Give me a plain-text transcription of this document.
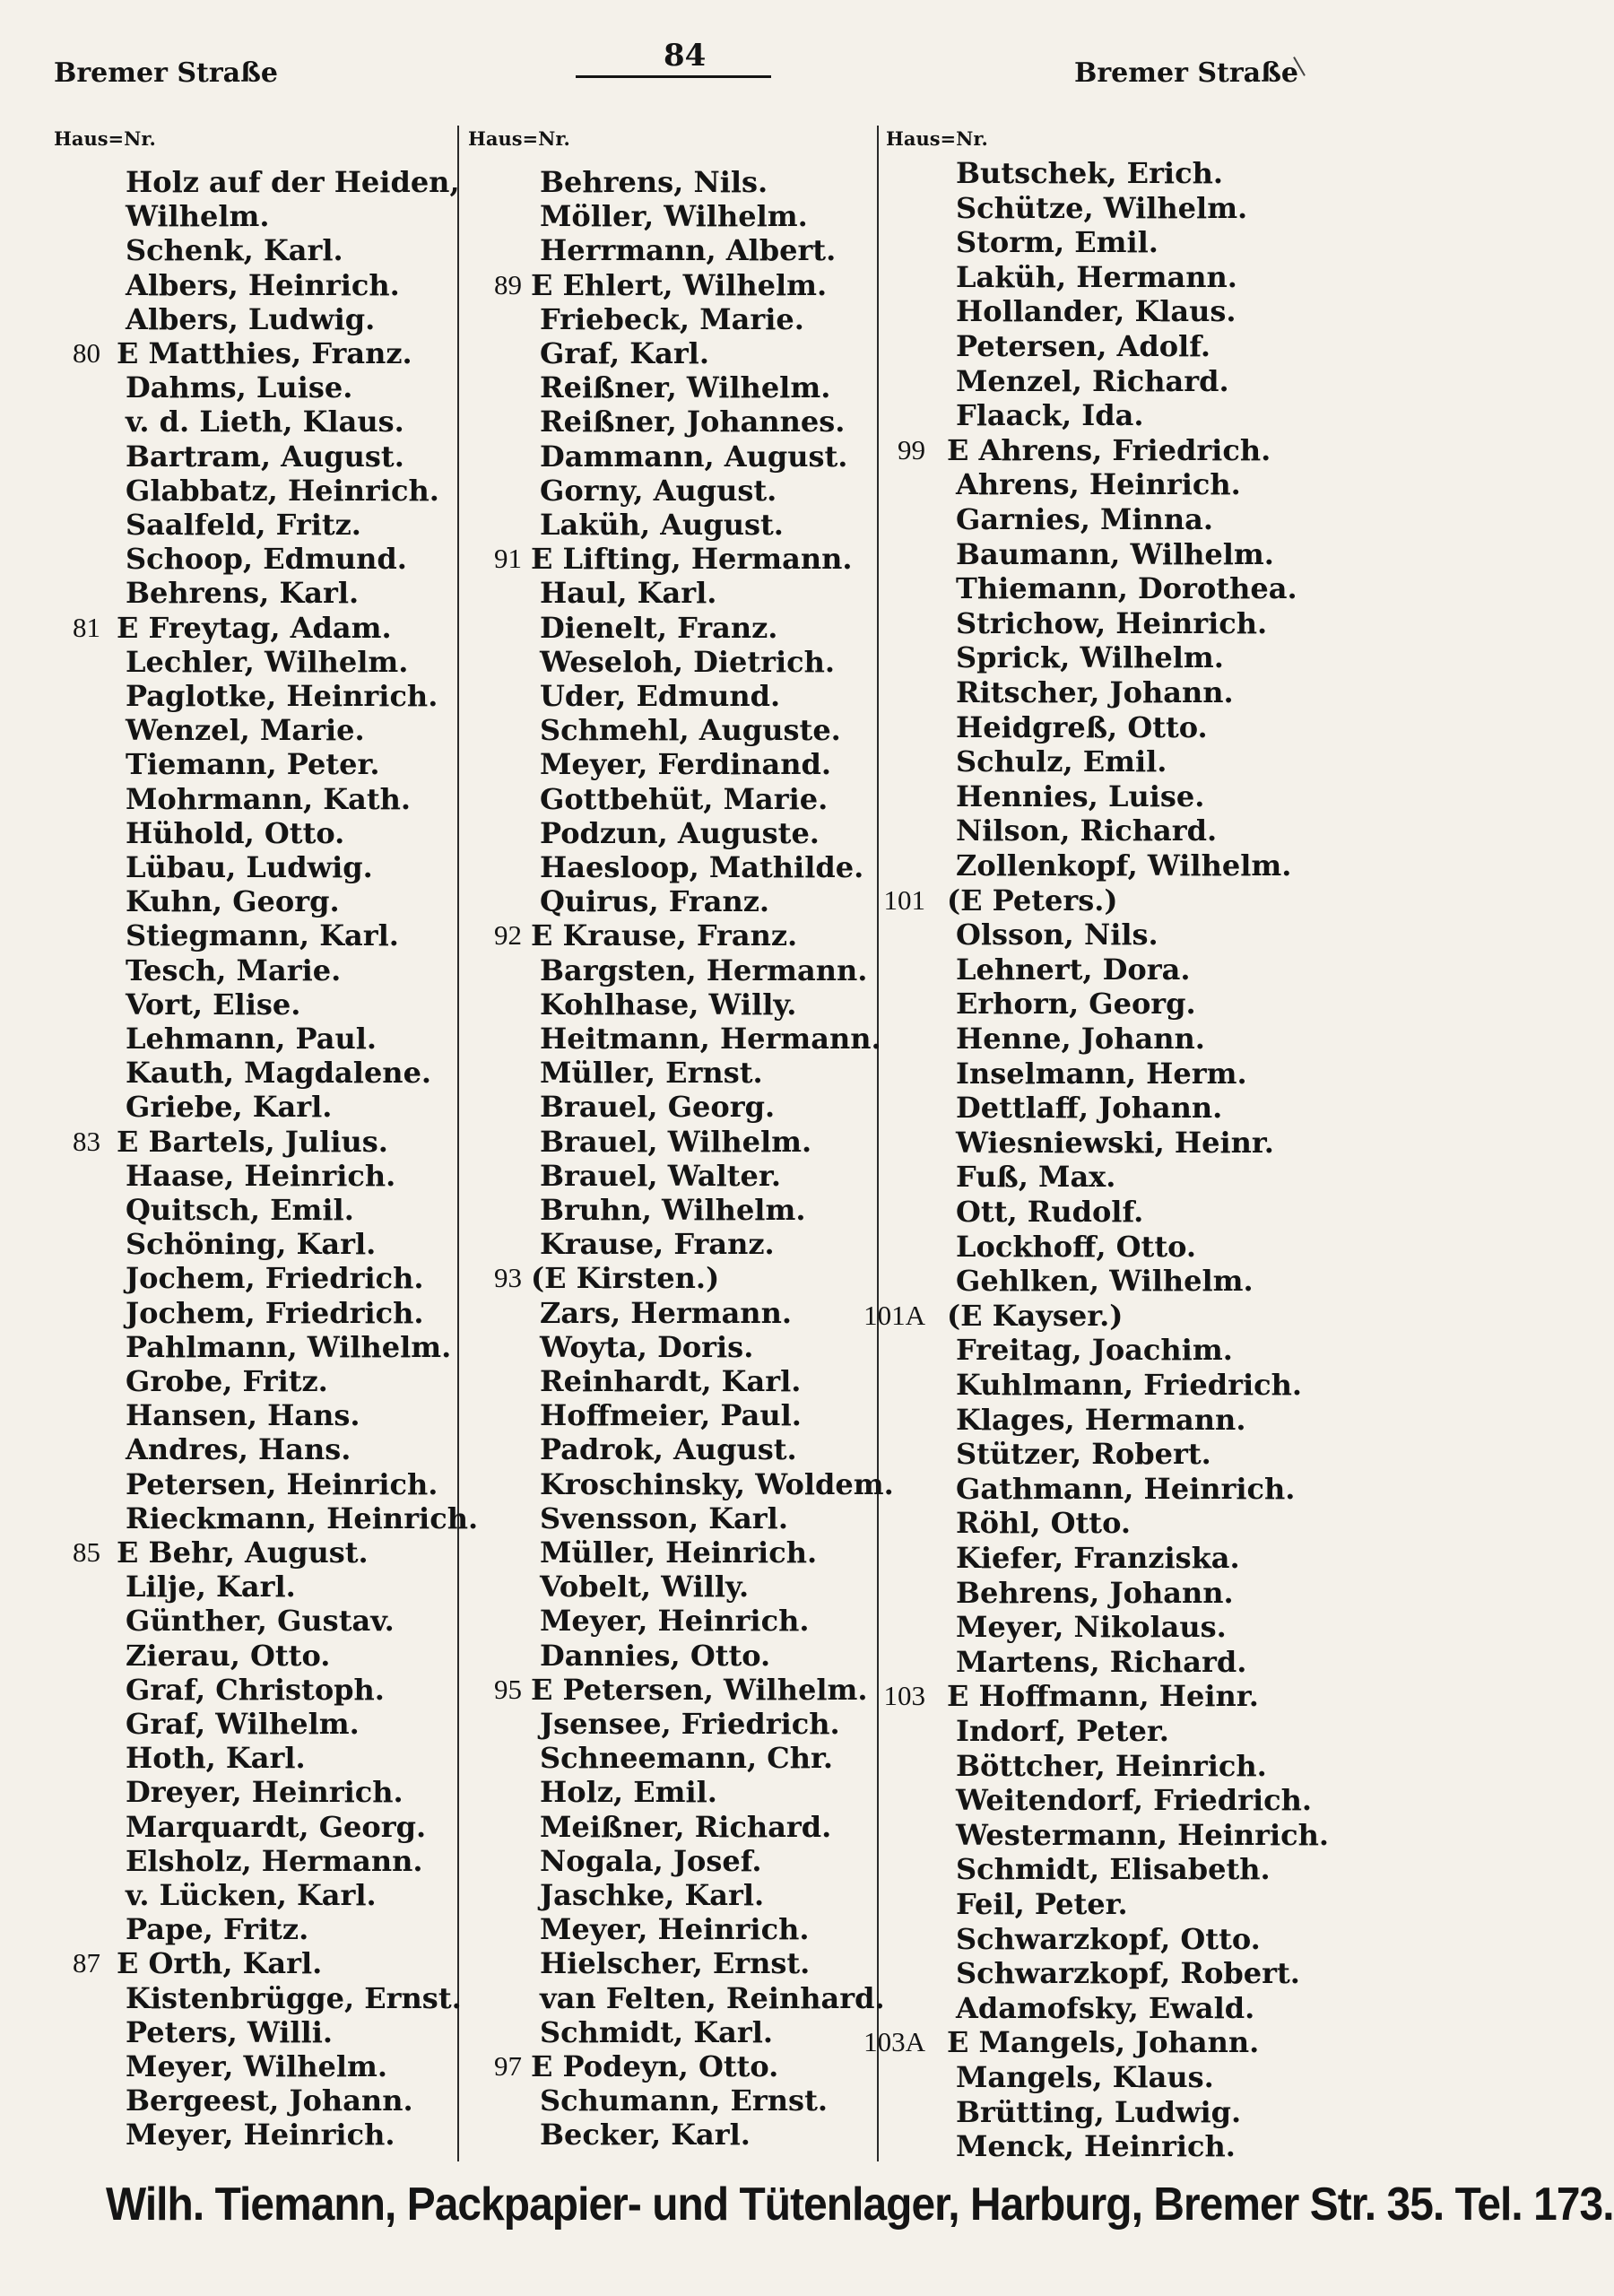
84
Bremer Straße	Bremer Straße
Haus=Nr.	Haus=Nr.	Haus=Nr.
Holz auf der Heiden,
Wilhelm.
Schenk, Karl.
Albers, Heinrich.
Albers, Ludwig.
80 E Matthies, Franz.
Dahms, Luise.
v. d. Lieth, Klaus.
Bartram, August.
Glabbatz, Heinrich.
Saalfeld, Fritz.
Schoop, Edmund.
Behrens, Karl.
81 E Freytag, Adam.
Lechler, Wilhelm.
Paglotke, Heinrich.
Wenzel, Marie.
Tiemann, Peter.
Mohrmann, Kath.
Hühold, Otto.
Lübau, Ludwig.
Kuhn, Georg.
Stiegmann, Karl.
Tesch, Marie.
Vort, Elise.
Lehmann, Paul.
Kauth, Magdalene.
Griebe, Karl.
83 E Bartels, Julius.
Haase, Heinrich.
Quitsch, Emil.
Schöning, Karl.
Jochem, Friedrich.
Jochem, Friedrich.
Pahlmann, Wilhelm.
Grobe, Fritz.
Hansen, Hans.
Andres, Hans.
Petersen, Heinrich.
Rieckmann, Heinrich.
85 E Behr, August.
Lilje, Karl.
Günther, Gustav.
Zierau, Otto.
Graf, Christoph.
Graf, Wilhelm.
Hoth, Karl.
Dreyer, Heinrich.
Marquardt, Georg.
Elsholz, Hermann.
v. Lücken, Karl.
Pape, Fritz.
87 E Orth, Karl.
Kistenbrügge, Ernst.
Peters, Willi.
Meyer, Wilhelm.
Bergeest, Johann.
Meyer, Heinrich.
Behrens, Nils.
Möller, Wilhelm.
Herrmann, Albert.
89 E Ehlert, Wilhelm.
Friebeck, Marie.
Graf, Karl.
Reißner, Wilhelm.
Reißner, Johannes.
Dammann, August.
Gorny, August.
Laküh, August.
91 E Lifting, Hermann.
Haul, Karl.
Dienelt, Franz.
Weseloh, Dietrich.
Uder, Edmund.
Schmehl, Auguste.
Meyer, Ferdinand.
Gottbehüt, Marie.
Podzun, Auguste.
Haesloop, Mathilde.
Quirus, Franz.
92 E Krause, Franz.
Bargsten, Hermann.
Kohlhase, Willy.
Heitmann, Hermann.
Müller, Ernst.
Brauel, Georg.
Brauel, Wilhelm.
Brauel, Walter.
Bruhn, Wilhelm.
Krause, Franz.
93 (E Kirsten.)
Zars, Hermann.
Woyta, Doris.
Reinhardt, Karl.
Hoffmeier, Paul.
Padrok, August.
Kroschinsky, Woldem.
Svensson, Karl.
Müller, Heinrich.
Vobelt, Willy.
Meyer, Heinrich.
Dannies, Otto.
95 E Petersen, Wilhelm.
Jsensee, Friedrich.
Schneemann, Chr.
Holz, Emil.
Meißner, Richard.
Nogala, Josef.
Jaschke, Karl.
Meyer, Heinrich.
Hielscher, Ernst.
van Felten, Reinhard.
Schmidt, Karl.
97 E Podeyn, Otto.
Schumann, Ernst.
Becker, Karl.
Butschek, Erich.
Schütze, Wilhelm.
Storm, Emil.
Laküh, Hermann.
Hollander, Klaus.
Petersen, Adolf.
Menzel, Richard.
Flaack, Ida.
99 E Ahrens, Friedrich.
Ahrens, Heinrich.
Garnies, Minna.
Baumann, Wilhelm.
Thiemann, Dorothea.
Strichow, Heinrich.
Sprick, Wilhelm.
Ritscher, Johann.
Heidgreß, Otto.
Schulz, Emil.
Hennies, Luise.
Nilson, Richard.
Zollenkopf, Wilhelm.
101 (E Peters.)
Olsson, Nils.
Lehnert, Dora.
Erhorn, Georg.
Henne, Johann.
Inselmann, Herm.
Dettlaff, Johann.
Wiesniewski, Heinr.
Fuß, Max.
Ott, Rudolf.
Lockhoff, Otto.
Gehlken, Wilhelm.
101A (E Kayser.)
Freitag, Joachim.
Kuhlmann, Friedrich.
Klages, Hermann.
Stützer, Robert.
Gathmann, Heinrich.
Röhl, Otto.
Kiefer, Franziska.
Behrens, Johann.
Meyer, Nikolaus.
Martens, Richard.
103 E Hoffmann, Heinr.
Indorf, Peter.
Böttcher, Heinrich.
Weitendorf, Friedrich.
Westermann, Heinrich.
Schmidt, Elisabeth.
Feil, Peter.
Schwarzkopf, Otto.
Schwarzkopf, Robert.
Adamofsky, Ewald.
103A E Mangels, Johann.
Mangels, Klaus.
Brütting, Ludwig.
Menck, Heinrich.
Wilh. Tiemann, Packpapier- und Tütenlager, Harburg, Bremer Str. 35. Tel. 173.
